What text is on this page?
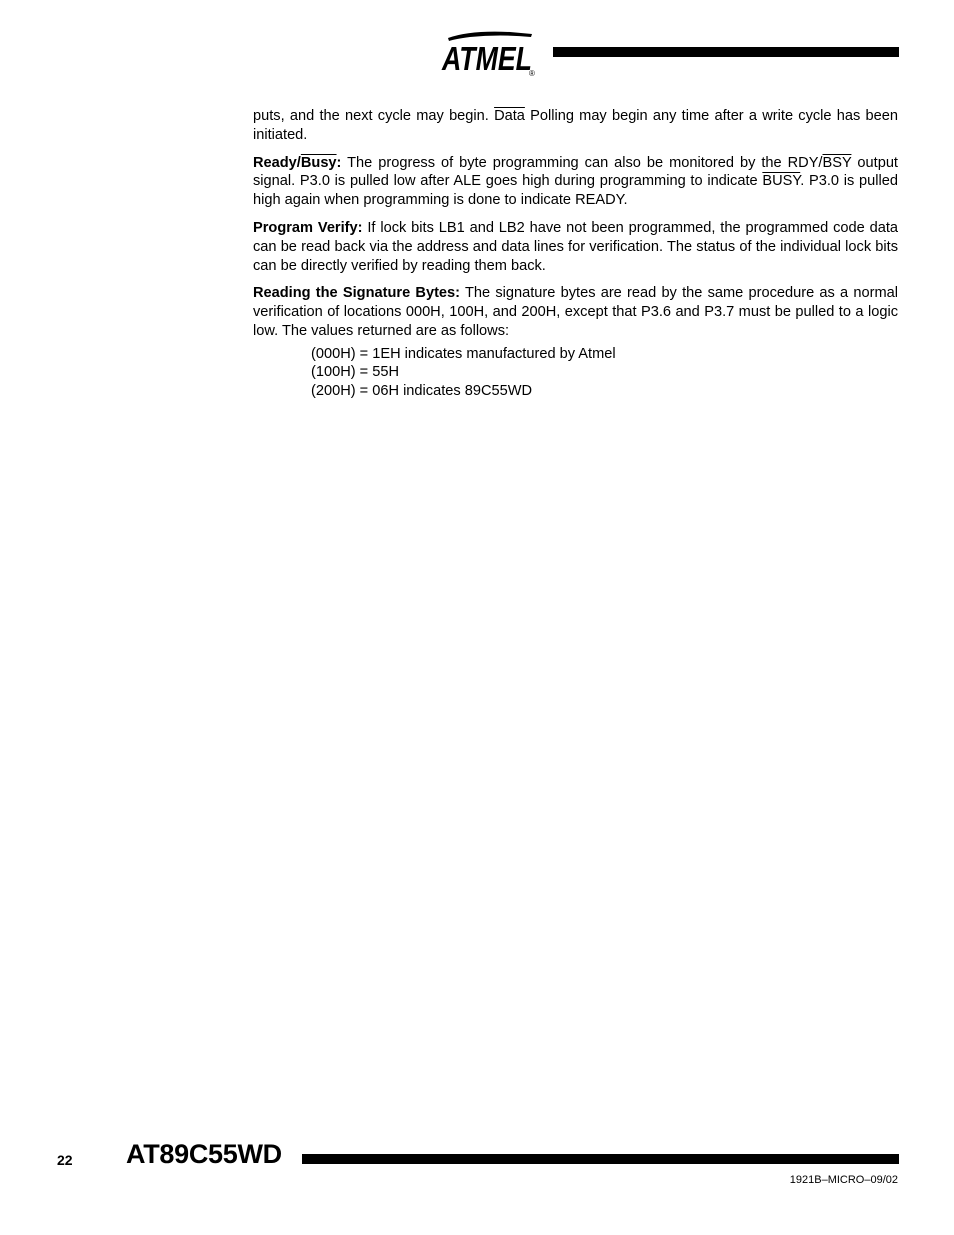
ATMEL
®

puts, and the next cycle may begin. Data Polling may begin any time after a write cycle has been initiated.

Ready/Busy: The progress of byte programming can also be monitored by the RDY/$\overline{BSY}$ output signal. P3.0 is pulled low after ALE goes high during programming to indicate BUSY. P3.0 is pulled high again when programming is done to indicate READY.

Program Verify: If lock bits LB1 and LB2 have not been programmed, the programmed code data can be read back via the address and data lines for verification. The status of the individual lock bits can be directly verified by reading them back.

Reading the Signature Bytes: The signature bytes are read by the same procedure as a normal verification of locations 000H, 100H, and 200H, except that P3.6 and P3.7 must be pulled to a logic low. The values returned are as follows:

(000H) = 1EH indicates manufactured by Atmel
(100H) = 55H
(200H) = 06H indicates 89C55WD
22 AT89C55WD
1921B–MICRO–09/02
